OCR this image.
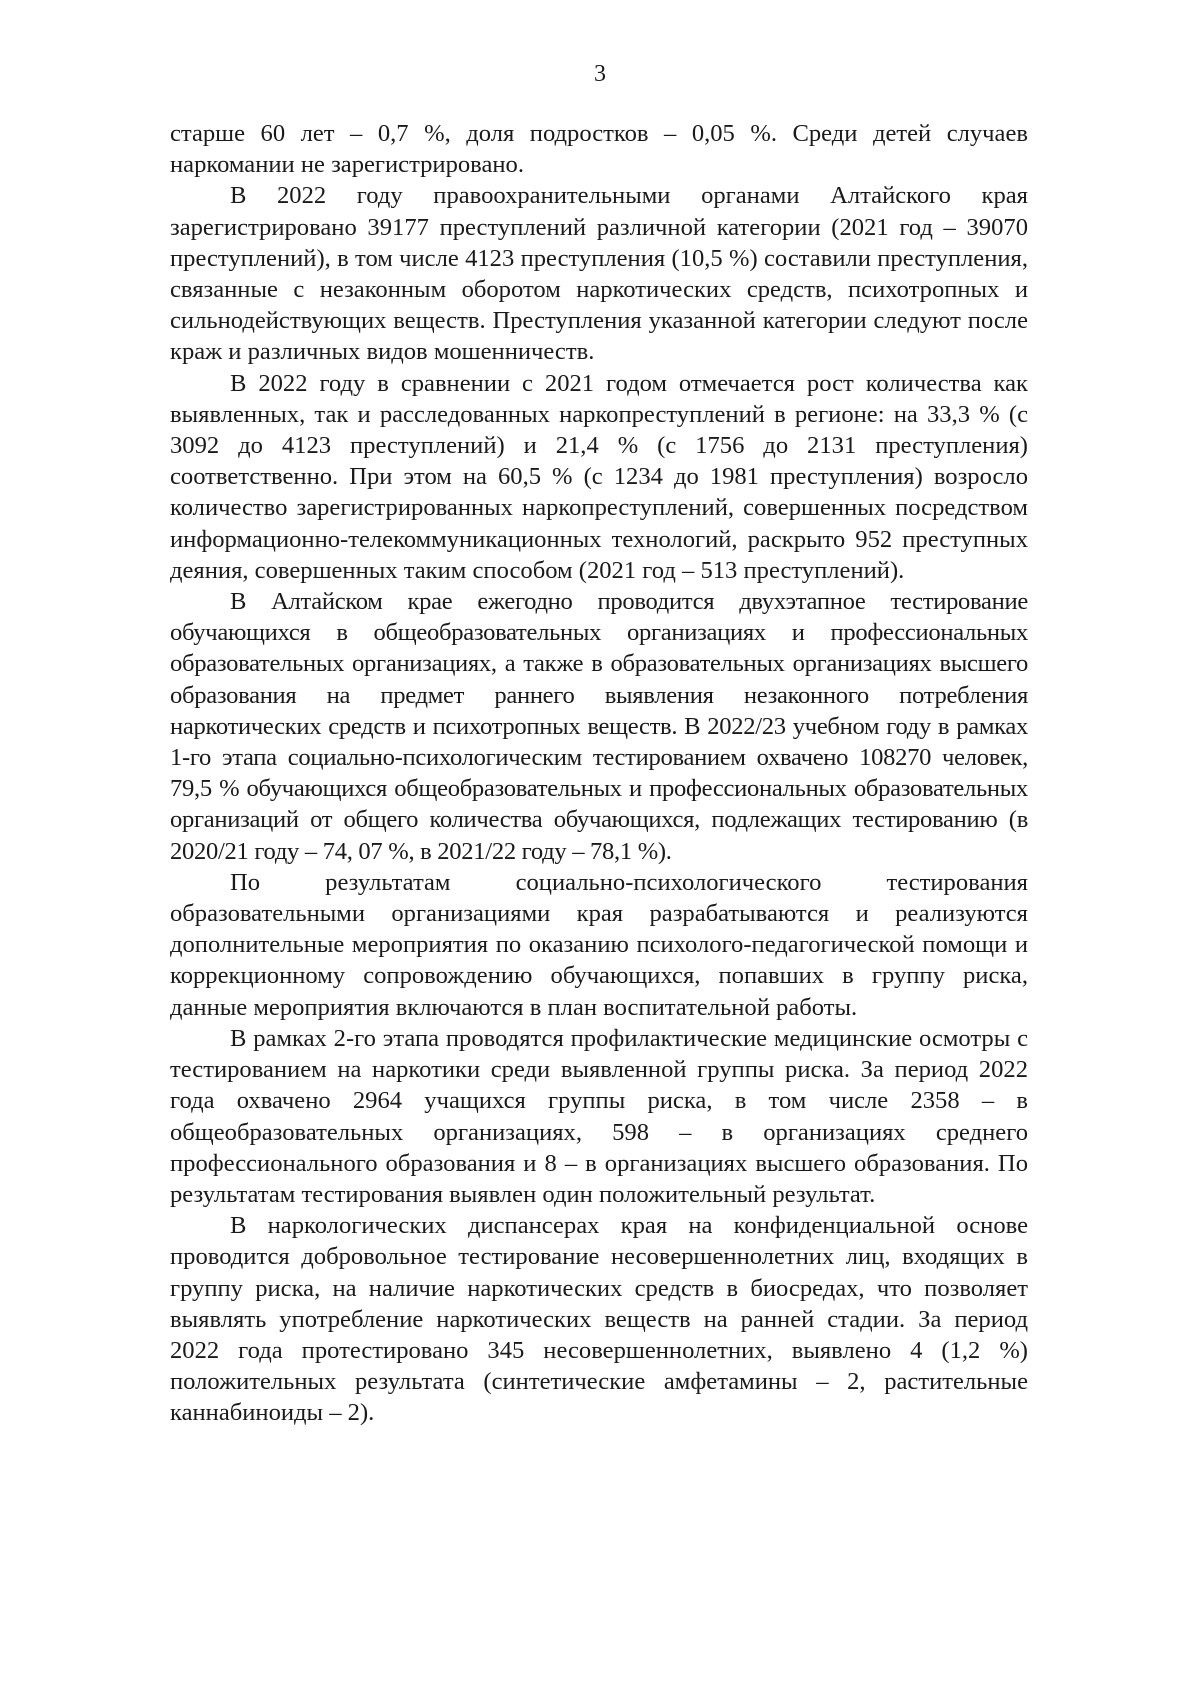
3

старше 60 лет – 0,7 %, доля подростков – 0,05 %. Среди детей случаев наркомании не зарегистрировано.

В 2022 году правоохранительными органами Алтайского края зарегистрировано 39177 преступлений различной категории (2021 год – 39070 преступлений), в том числе 4123 преступления (10,5 %) составили преступления, связанные с незаконным оборотом наркотических средств, психотропных и сильнодействующих веществ. Преступления указанной категории следуют после краж и различных видов мошенничеств.

В 2022 году в сравнении с 2021 годом отмечается рост количества как выявленных, так и расследованных наркопреступлений в регионе: на 33,3 % (с 3092 до 4123 преступлений) и 21,4 % (с 1756 до 2131 преступления) соответственно. При этом на 60,5 % (с 1234 до 1981 преступления) возросло количество зарегистрированных наркопреступлений, совершенных посредством информационно-телекоммуникационных технологий, раскрыто 952 преступных деяния, совершенных таким способом (2021 год – 513 преступлений).

В Алтайском крае ежегодно проводится двухэтапное тестирование обучающихся в общеобразовательных организациях и профессиональных образовательных организациях, а также в образовательных организациях высшего образования на предмет раннего выявления незаконного потребления наркотических средств и психотропных веществ. В 2022/23 учебном году в рамках 1-го этапа социально-психологическим тестированием охвачено 108270 человек, 79,5 % обучающихся общеобразовательных и профессиональных образовательных организаций от общего количества обучающихся, подлежащих тестированию (в 2020/21 году – 74, 07 %, в 2021/22 году – 78,1 %).

По результатам социально-психологического тестирования образовательными организациями края разрабатываются и реализуются дополнительные мероприятия по оказанию психолого-педагогической помощи и коррекционному сопровождению обучающихся, попавших в группу риска, данные мероприятия включаются в план воспитательной работы.

В рамках 2-го этапа проводятся профилактические медицинские осмотры с тестированием на наркотики среди выявленной группы риска. За период 2022 года охвачено 2964 учащихся группы риска, в том числе 2358 – в общеобразовательных организациях, 598 – в организациях среднего профессионального образования и 8 – в организациях высшего образования. По результатам тестирования выявлен один положительный результат.

В наркологических диспансерах края на конфиденциальной основе проводится добровольное тестирование несовершеннолетних лиц, входящих в группу риска, на наличие наркотических средств в биосредах, что позволяет выявлять употребление наркотических веществ на ранней стадии. За период 2022 года протестировано 345 несовершеннолетних, выявлено 4 (1,2 %) положительных результата (синтетические амфетамины – 2, растительные каннабиноиды – 2).
